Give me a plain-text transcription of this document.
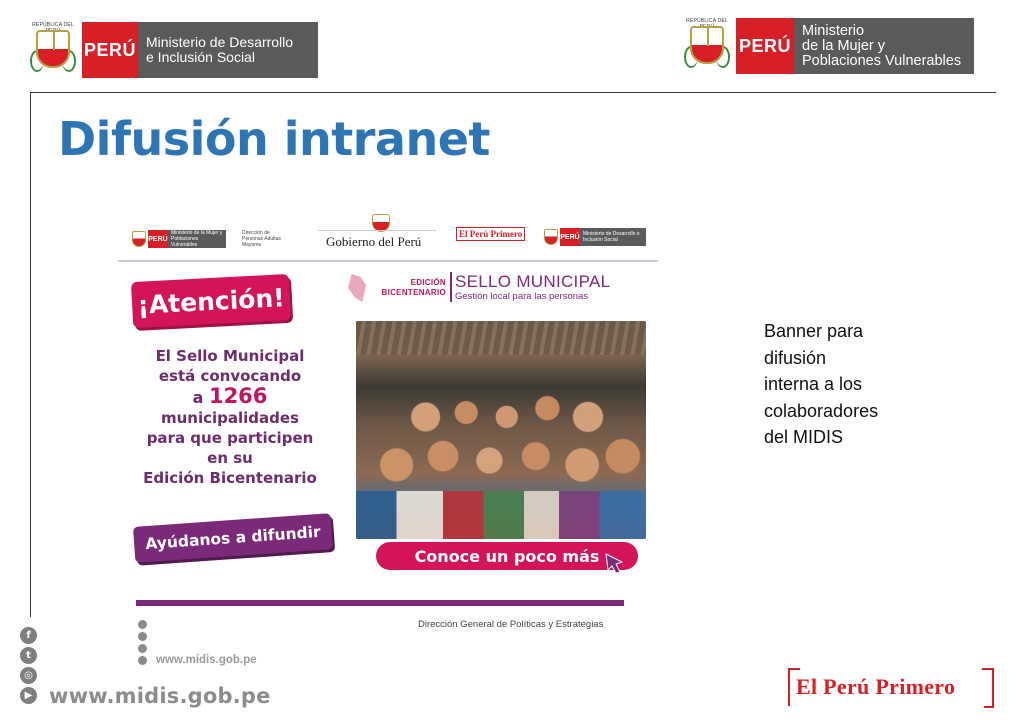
REPÚBLICA DEL
PERÚ Ministerio de Desarrollo
e Inclusión Social
REPÚBLICA DEL
PERÚ
Ministerio
de la Mujer y
Poblaciones Vulnerables
Difusión intranet
PERÚ
Ministerio de la Mujer y Poblaciones Vulnerables
Dirección de Personas Adultas Mayores	Gobierno del Perú	El Perú Primero	PERÚ Ministerio de Desarrollo e Inclusión Social
¡Atención!
EDICIÓN
BICENTENARIO
SELLO MUNICIPAL
Gestión local para las personas
El Sello Municipal
está convocando
a 1266
municipalidades
para que participen
en su
Edición Bicentenario
Ayúdanos a difundir
Conoce un poco más
www.midis.gob.pe
Dirección General de Políticas y Estrategias
Banner para
difusión
interna a los
colaboradores
del MIDIS
f
t
◎
▶ www.midis.gob.pe	El Perú Primero
